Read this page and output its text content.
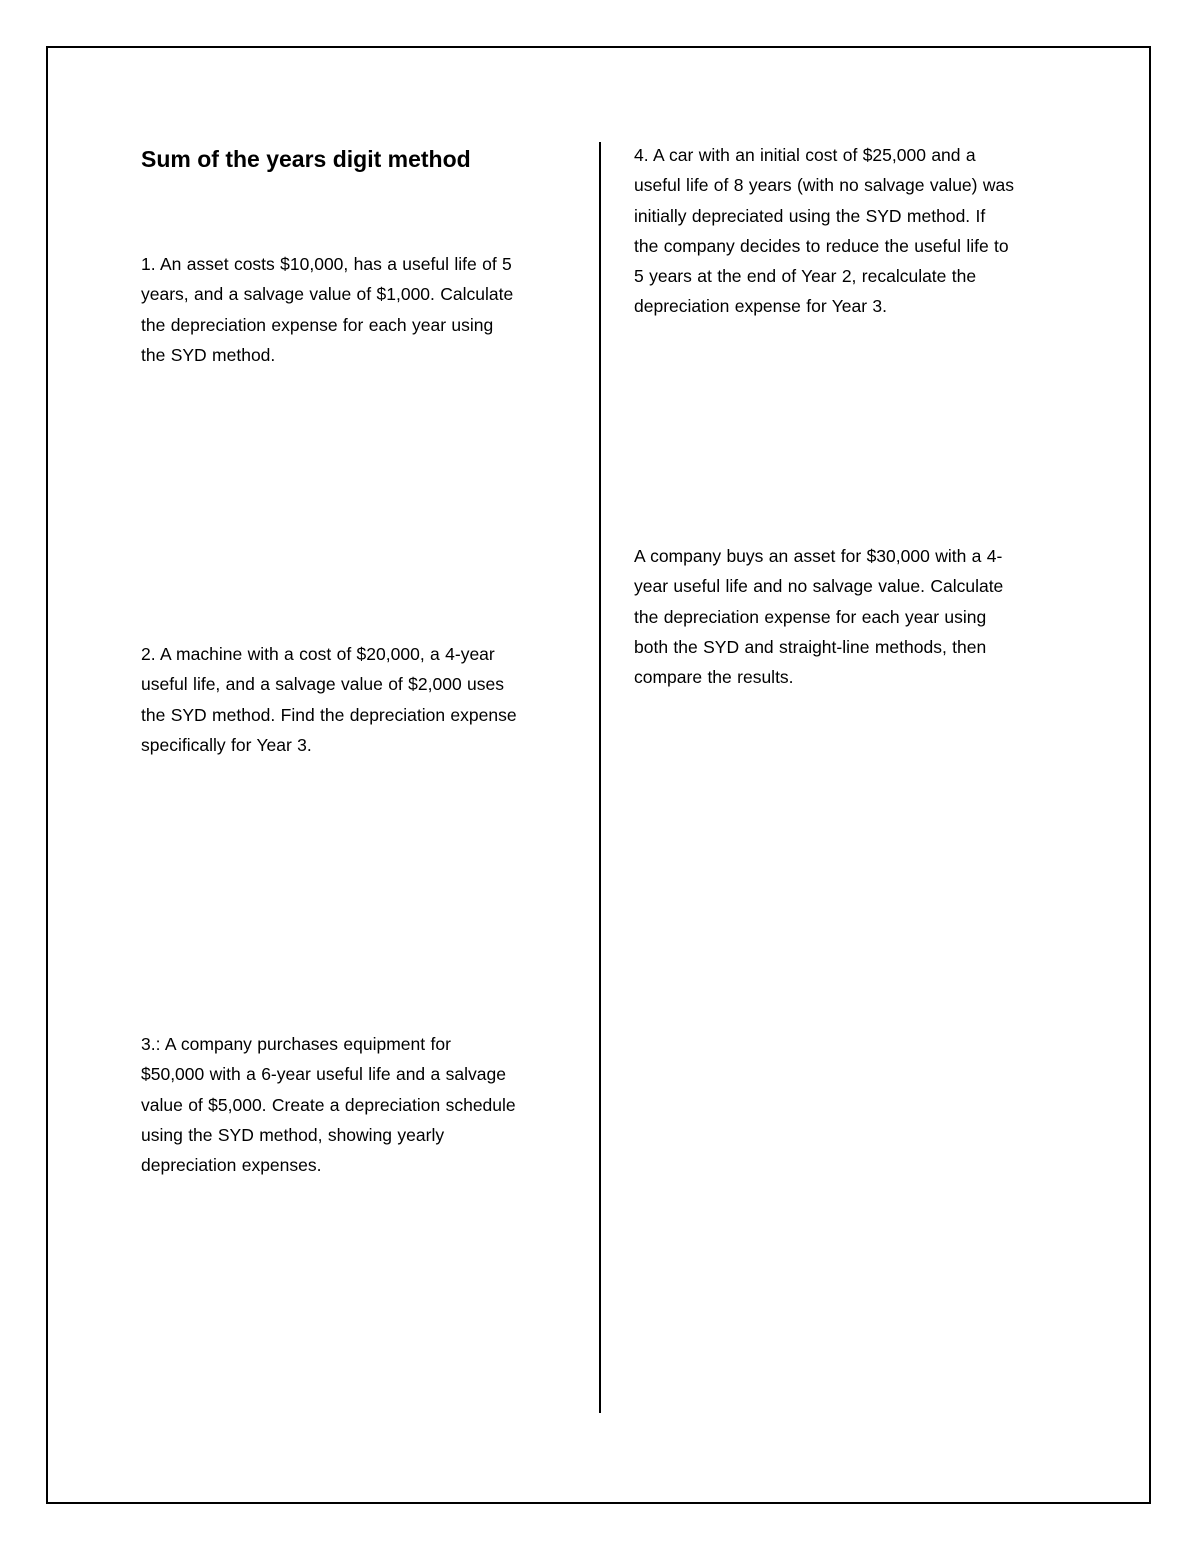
Sum of the years digit method

1. An asset costs $10,000, has a useful life of 5
years, and a salvage value of $1,000. Calculate
the depreciation expense for each year using
the SYD method.

2. A machine with a cost of $20,000, a 4-year
useful life, and a salvage value of $2,000 uses
the SYD method. Find the depreciation expense
specifically for Year 3.

3.: A company purchases equipment for
$50,000 with a 6-year useful life and a salvage
value of $5,000. Create a depreciation schedule
using the SYD method, showing yearly
depreciation expenses.

4. A car with an initial cost of $25,000 and a
useful life of 8 years (with no salvage value) was
initially depreciated using the SYD method. If
the company decides to reduce the useful life to
5 years at the end of Year 2, recalculate the
depreciation expense for Year 3.

A company buys an asset for $30,000 with a 4-
year useful life and no salvage value. Calculate
the depreciation expense for each year using
both the SYD and straight-line methods, then
compare the results.
